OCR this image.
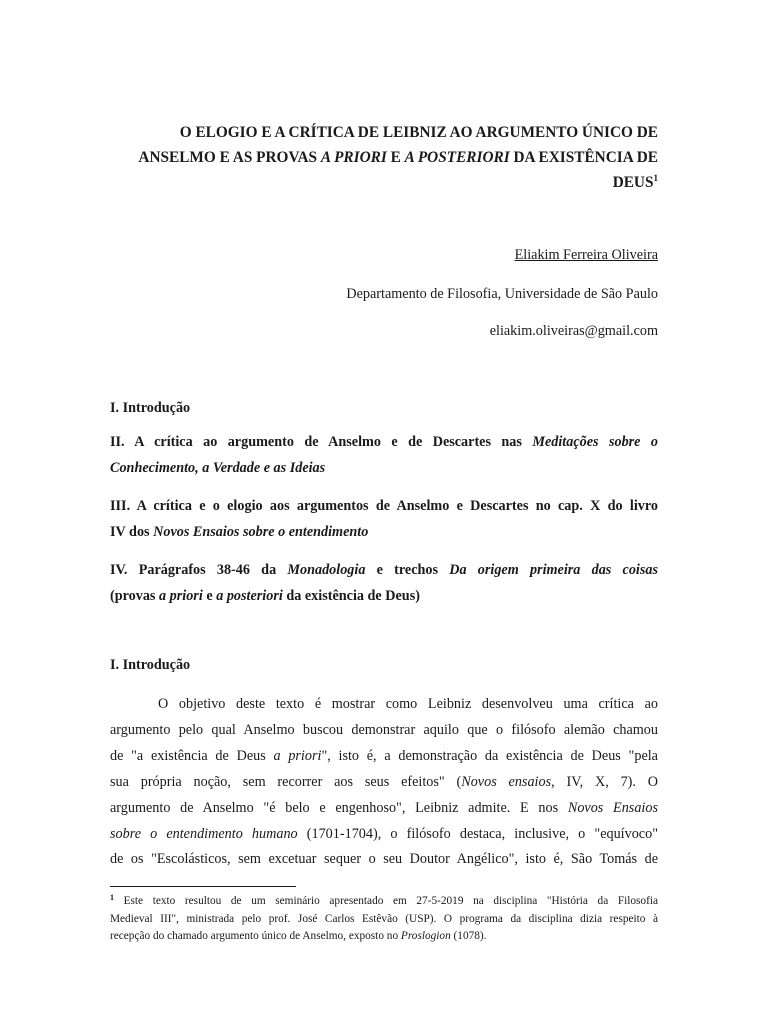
O ELOGIO E A CRÍTICA DE LEIBNIZ AO ARGUMENTO ÚNICO DE
ANSELMO E AS PROVAS A PRIORI E A POSTERIORI DA EXISTÊNCIA DE
DEUS$^1$
Eliakim Ferreira Oliveira
Departamento de Filosofia, Universidade de São Paulo
eliakim.oliveiras@gmail.com
I. Introdução
II. A crítica ao argumento de Anselmo e de Descartes nas Meditações sobre o
Conhecimento, a Verdade e as Ideias
III. A crítica e o elogio aos argumentos de Anselmo e Descartes no cap. X do livro
IV dos Novos Ensaios sobre o entendimento
IV. Parágrafos 38-46 da Monadologia e trechos Da origem primeira das coisas
(provas a priori e a posteriori da existência de Deus)
I. Introdução
O objetivo deste texto é mostrar como Leibniz desenvolveu uma crítica ao
argumento pelo qual Anselmo buscou demonstrar aquilo que o filósofo alemão chamou
de "a existência de Deus a priori", isto é, a demonstração da existência de Deus "pela
sua própria noção, sem recorrer aos seus efeitos" (Novos ensaios, IV, X, 7). O
argumento de Anselmo "é belo e engenhoso", Leibniz admite. E nos Novos Ensaios
sobre o entendimento humano (1701-1704), o filósofo destaca, inclusive, o "equívoco"
de os "Escolásticos, sem excetuar sequer o seu Doutor Angélico", isto é, São Tomás de
$^1$ Este texto resultou de um seminário apresentado em 27-5-2019 na disciplina "História da Filosofia
Medieval III", ministrada pelo prof. José Carlos Estêvão (USP). O programa da disciplina dizia respeito à
recepção do chamado argumento único de Anselmo, exposto no Proslogion (1078).
